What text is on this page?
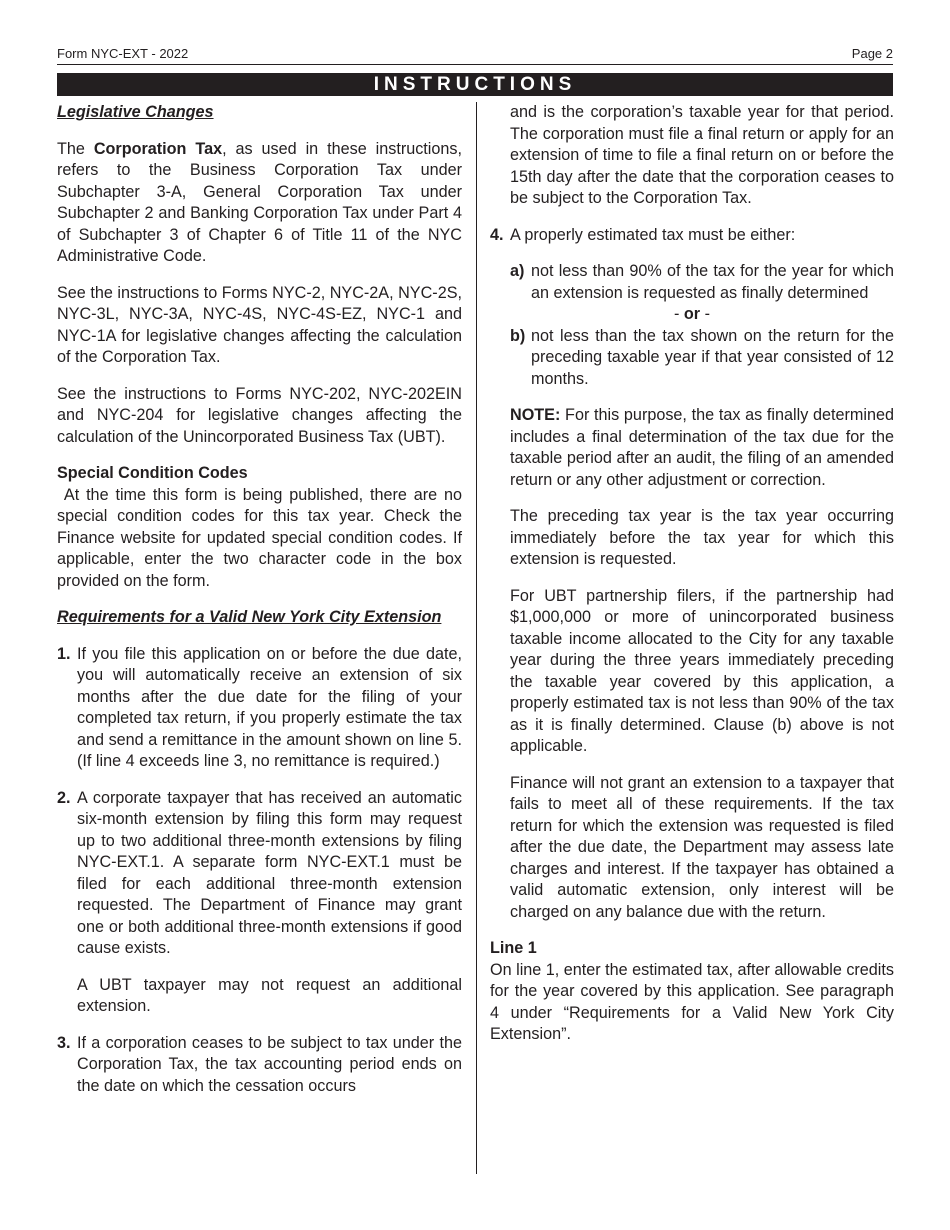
Form NYC-EXT - 2022	Page 2
INSTRUCTIONS
Legislative Changes

The Corporation Tax, as used in these instructions, refers to the Business Corporation Tax under Subchapter 3-A, General Corporation Tax under Subchapter 2 and Banking Corporation Tax under Part 4 of Subchapter 3 of Chapter 6 of Title 11 of the NYC Administrative Code.

See the instructions to Forms NYC-2, NYC-2A, NYC-2S, NYC-3L, NYC-3A, NYC-4S, NYC-4S-EZ, NYC-1 and NYC-1A for legislative changes affecting the calculation of the Corporation Tax.

See the instructions to Forms NYC-202, NYC-202EIN and NYC-204 for legislative changes affecting the calculation of the Unincorporated Business Tax (UBT).

Special Condition Codes

At the time this form is being published, there are no special condition codes for this tax year. Check the Finance website for updated special condition codes. If applicable, enter the two character code in the box provided on the form.

Requirements for a Valid New York City Extension
1. If you file this application on or before the due date, you will automatically receive an extension of six months after the due date for the filing of your completed tax return, if you properly estimate the tax and send a remittance in the amount shown on line 5. (If line 4 exceeds line 3, no remittance is required.)
2. A corporate taxpayer that has received an automatic six-month extension by filing this form may request up to two additional three-month extensions by filing NYC-EXT.1. A separate form NYC-EXT.1 must be filed for each additional three-month extension requested. The Department of Finance may grant one or both additional three-month extensions if good cause exists.

A UBT taxpayer may not request an additional extension.

3. If a corporation ceases to be subject to tax under the Corporation Tax, the tax accounting period ends on the date on which the cessation occurs

and is the corporation’s taxable year for that period. The corporation must file a final return or apply for an extension of time to file a final return on or before the 15th day after the date that the corporation ceases to be subject to the Corporation Tax.

4. A properly estimated tax must be either:
a) not less than 90% of the tax for the year for which an extension is requested as finally determined
- or -
b) not less than the tax shown on the return for the preceding taxable year if that year consisted of 12 months.

NOTE: For this purpose, the tax as finally determined includes a final determination of the tax due for the taxable period after an audit, the filing of an amended return or any other adjustment or correction.

The preceding tax year is the tax year occurring immediately before the tax year for which this extension is requested.

For UBT partnership filers, if the partnership had $1,000,000 or more of unincorporated business taxable income allocated to the City for any taxable year during the three years immediately preceding the taxable year covered by this application, a properly estimated tax is not less than 90% of the tax as it is finally determined. Clause (b) above is not applicable.

Finance will not grant an extension to a taxpayer that fails to meet all of these requirements. If the tax return for which the extension was requested is filed after the due date, the Department may assess late charges and interest. If the taxpayer has obtained a valid automatic extension, only interest will be charged on any balance due with the return.

Line 1

On line 1, enter the estimated tax, after allowable credits for the year covered by this application. See paragraph 4 under “Requirements for a Valid New York City Extension”.
